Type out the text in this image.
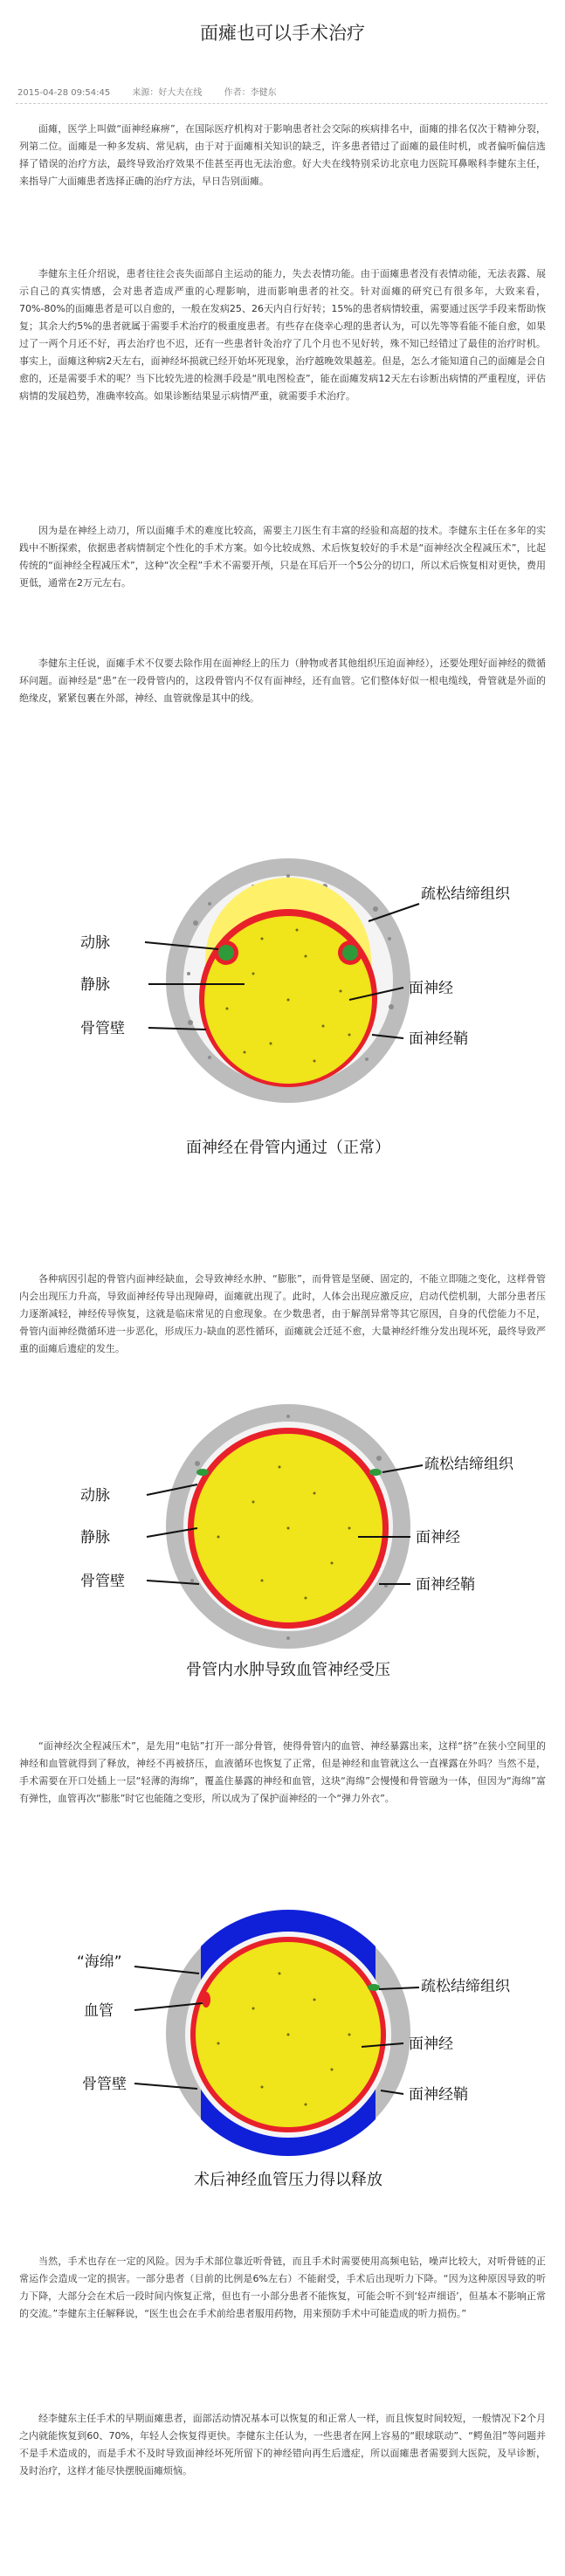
面瘫也可以手术治疗
2015-04-28 09:54:45	来源：好大夫在线	作者：李健东

面瘫，医学上叫做“面神经麻痹”，在国际医疗机构对于影响患者社会交际的疾病排名中，面瘫的排名仅次于精神分裂，列第二位。面瘫是一种多发病、常见病，由于对于面瘫相关知识的缺乏，许多患者错过了面瘫的最佳时机，或者偏听偏信选择了错误的治疗方法，最终导致治疗效果不佳甚至再也无法治愈。好大夫在线特别采访北京电力医院耳鼻喉科李健东主任，来指导广大面瘫患者选择正确的治疗方法，早日告别面瘫。

李健东主任介绍说，患者往往会丧失面部自主运动的能力，失去表情功能。由于面瘫患者没有表情动能，无法表露、展示自己的真实情感，会对患者造成严重的心理影响，进而影响患者的社交。针对面瘫的研究已有很多年，大致来看，70%-80%的面瘫患者是可以自愈的，一般在发病25、26天内自行好转；15%的患者病情较重，需要通过医学手段来帮助恢复；其余大约5%的患者就属于需要手术治疗的极重度患者。有些存在侥幸心理的患者认为，可以先等等看能不能自愈，如果过了一两个月还不好，再去治疗也不迟，还有一些患者针灸治疗了几个月也不见好转，殊不知已经错过了最佳的治疗时机。事实上，面瘫这种病2天左右，面神经坏损就已经开始坏死现象，治疗越晚效果越差。但是，怎么才能知道自己的面瘫是会自愈的，还是需要手术的呢？当下比较先进的检测手段是“肌电图检查”，能在面瘫发病12天左右诊断出病情的严重程度，评估病情的发展趋势，准确率较高。如果诊断结果显示病情严重，就需要手术治疗。

因为是在神经上动刀，所以面瘫手术的难度比较高，需要主刀医生有丰富的经验和高超的技术。李健东主任在多年的实践中不断探索，依据患者病情制定个性化的手术方案。如今比较成熟、术后恢复较好的手术是“面神经次全程减压术”，比起传统的“面神经全程减压术”，这种“次全程”手术不需要开颅，只是在耳后开一个5公分的切口，所以术后恢复相对更快，费用更低，通常在2万元左右。

李健东主任说，面瘫手术不仅要去除作用在面神经上的压力（肿物或者其他组织压迫面神经），还要处理好面神经的微循环问题。面神经是“患”在一段骨管内的，这段骨管内不仅有面神经，还有血管。它们整体好似一根电缆线，骨管就是外面的绝缘皮，紧紧包裹在外部，神经、血管就像是其中的线。

动脉
静脉
骨管壁
疏松结缔组织
面神经
面神经鞘
面神经在骨管内通过（正常）

各种病因引起的骨管内面神经缺血，会导致神经水肿、“膨胀”，而骨管是坚硬、固定的，不能立即随之变化，这样骨管内会出现压力升高，导致面神经传导出现障碍，面瘫就出现了。此时，人体会出现应激反应，启动代偿机制，大部分患者压力逐渐减轻，神经传导恢复，这就是临床常见的自愈现象。在少数患者，由于解剖异常等其它原因，自身的代偿能力不足，骨管内面神经微循环进一步恶化，形成压力-缺血的恶性循环，面瘫就会迁延不愈，大量神经纤维分发出现坏死，最终导致严重的面瘫后遗症的发生。

动脉
静脉
骨管壁
疏松结缔组织
面神经
面神经鞘
骨管内水肿导致血管神经受压

“面神经次全程减压术”，是先用“电钻”打开一部分骨管，使得骨管内的血管、神经暴露出来，这样“挤”在狭小空间里的神经和血管就得到了释放，神经不再被挤压，血液循环也恢复了正常，但是神经和血管就这么一直裸露在外吗？当然不是，手术需要在开口处插上一层“轻薄的海绵”，覆盖住暴露的神经和血管，这块“海绵”会慢慢和骨管融为一体，但因为“海绵”富有弹性，血管再次“膨胀”时它也能随之变形，所以成为了保护面神经的一个“弹力外衣”。

“海绵”
血管
骨管壁
疏松结缔组织
面神经
面神经鞘
术后神经血管压力得以释放

当然，手术也存在一定的风险。因为手术部位靠近听骨链，而且手术时需要使用高频电钻，噪声比较大，对听骨链的正常运作会造成一定的损害。一部分患者（目前的比例是6%左右）不能耐受，手术后出现听力下降。“因为这种原因导致的听力下降，大部分会在术后一段时间内恢复正常，但也有一小部分患者不能恢复，可能会听不到‘轻声细语’，但基本不影响正常的交流。”李健东主任解释说，“医生也会在手术前给患者服用药物，用来预防手术中可能造成的听力损伤。”

经李健东主任手术的早期面瘫患者，面部活动情况基本可以恢复的和正常人一样，而且恢复时间较短，一般情况下2个月之内就能恢复到60、70%，年轻人会恢复得更快。李健东主任认为，一些患者在网上容易的“眼球联动”、“鳄鱼泪”等问题并不是手术造成的，而是手术不及时导致面神经坏死所留下的神经错向再生后遗症，所以面瘫患者需要到大医院，及早诊断，及时治疗，这样才能尽快摆脱面瘫烦恼。
